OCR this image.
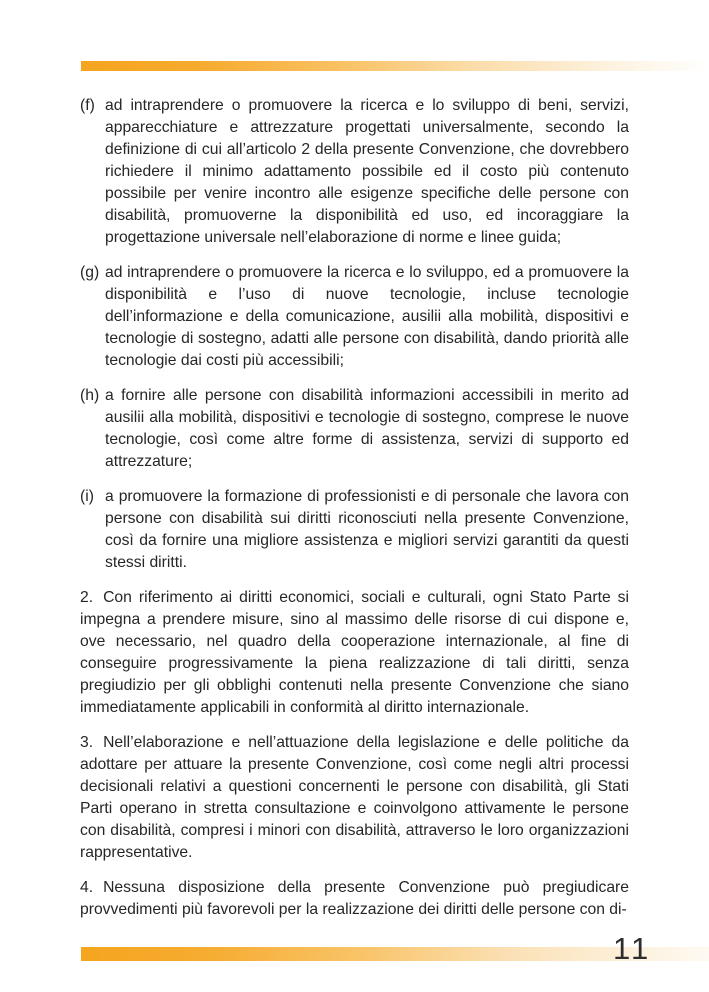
(f) ad intraprendere o promuovere la ricerca e lo sviluppo di beni, servizi, apparecchiature e attrezzature progettati universalmente, secondo la definizione di cui all’articolo 2 della presente Convenzione, che dovrebbero richiedere il minimo adattamento possibile ed il costo più contenuto possibile per venire incontro alle esigenze specifiche delle persone con disabilità, promuoverne la disponibilità ed uso, ed incoraggiare la progettazione universale nell’elaborazione di norme e linee guida;
(g) ad intraprendere o promuovere la ricerca e lo sviluppo, ed a promuovere la disponibilità e l’uso di nuove tecnologie, incluse tecnologie dell’informazione e della comunicazione, ausilii alla mobilità, dispositivi e tecnologie di sostegno, adatti alle persone con disabilità, dando priorità alle tecnologie dai costi più accessibili;
(h) a fornire alle persone con disabilità informazioni accessibili in merito ad ausilii alla mobilità, dispositivi e tecnologie di sostegno, comprese le nuove tecnologie, così come altre forme di assistenza, servizi di supporto ed attrezzature;
(i) a promuovere la formazione di professionisti e di personale che lavora con persone con disabilità sui diritti riconosciuti nella presente Convenzione, così da fornire una migliore assistenza e migliori servizi garantiti da questi stessi diritti.

2. Con riferimento ai diritti economici, sociali e culturali, ogni Stato Parte si impegna a prendere misure, sino al massimo delle risorse di cui dispone e, ove necessario, nel quadro della cooperazione internazionale, al fine di conseguire progressivamente la piena realizzazione di tali diritti, senza pregiudizio per gli obblighi contenuti nella presente Convenzione che siano immediatamente applicabili in conformità al diritto internazionale.

3. Nell’elaborazione e nell’attuazione della legislazione e delle politiche da adottare per attuare la presente Convenzione, così come negli altri processi decisionali relativi a questioni concernenti le persone con disabilità, gli Stati Parti operano in stretta consultazione e coinvolgono attivamente le persone con disabilità, compresi i minori con disabilità, attraverso le loro organizzazioni rappresentative.

4. Nessuna disposizione della presente Convenzione può pregiudicare provvedimenti più favorevoli per la realizzazione dei diritti delle persone con di-

11
